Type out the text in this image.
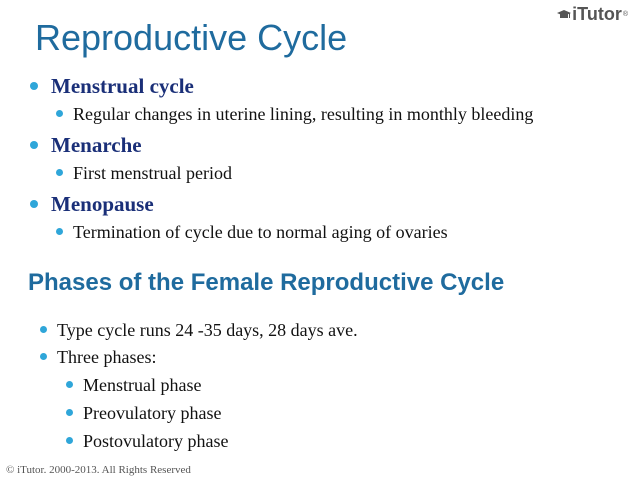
Reproductive Cycle
iTutor ®
Menstrual cycle
Regular changes in uterine lining, resulting in monthly bleeding
Menarche
First menstrual period
Menopause
Termination of cycle due to normal aging of ovaries
Phases of the Female Reproductive Cycle
Type cycle runs 24 -35 days, 28 days ave.
Three phases:
Menstrual phase
Preovulatory phase
Postovulatory phase
© iTutor. 2000-2013. All Rights Reserved
